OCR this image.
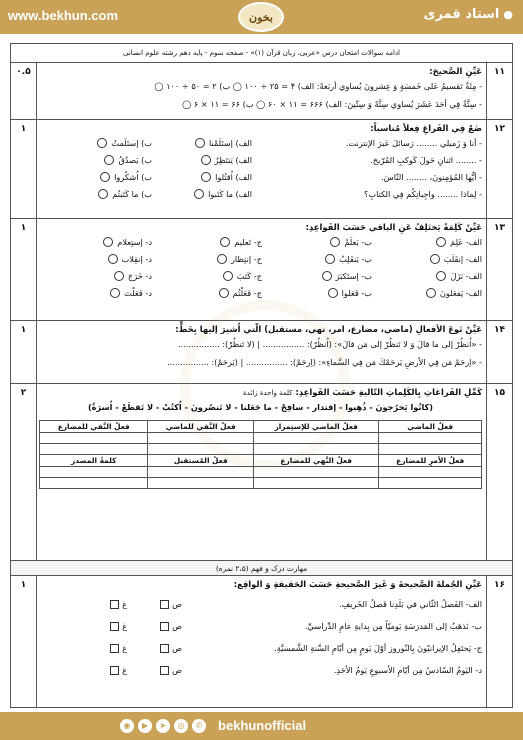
www.bekhun.com	بخون	●استاد قمری
ادامه سوالات امتحان درس «عربی، زبان قرآن (۱)» - صفحه سوم - پایه دهم رشته علوم انسانی
۱۱
۰.۵	عَيِّنِ الصَّحيحَ:
- مِئَةٌ تَقسيمُ عَلى خَمسَةٍ وَ عِشرونَ يُساوي أربَعةً: الف) ۴ = ۲۵ ÷ ۱۰۰ ◯ ب) ۲ = ۵۰ ÷ ۱۰۰ ◯
- سِتَّةٌ فِي أحَدَ عَشَرَ يُساوي سِتَّةً وَ سِتّينَ: الف) ۶۶۶ = ۱۱ × ۶۰ ◯ ب) ۶۶ = ۱۱ × ۶ ◯
۱۲
۱	ضَعْ فِي الفَراغِ فِعلاً مُناسباً:
- أنا وَ زَميلي ........ رَسائلَ عَبرَ الإنترنت.
الف) إستَلَمْنا
ب) إستَلَمتُ
- ........ اثنانِ حَولَ كَوكبِ المُرّيخ.
الف) يَنتَظِرُ
ب) يَصدُقُ
- أيُّها المُؤمِنونَ، ........ النّاسَ.
الف) اُقتُلوا
ب) اُشكُروا
- لِماذا ........ واجِباتِكُم فِي الكتابِ؟
الف) ما كَتَبوا
ب) ما كَتَبتُم
۱۳
۱	عَيِّنْ كَلِمَةً يَختَلِفُ عَنِ الباقي حَسَبَ القَواعِدِ:
الف- عَلِمَ
ب- يَعلَمُ
ج- تَعليم
د- إستِعلام
الف- إنقَلَبَ
ب- يَنقَلِبُ
ج- إنتِظار
د- إنقِلاب
الف- نَزَلَ
ب- إستَكبَرَ
ج- كَتَبَ
د- خَرَجَ
الف- يَفعَلونَ
ب- فَعَلوا
ج- فَعَلْتُم
د- فَعَلْتَ
۱۴
۱	عَيِّنْ نَوعَ الأفعالِ (ماضي، مضارع، امر، نهي، مستقبل) الّتي اُشيرَ إليها بِخَطٍّ:
- «اُنظُرْ إلى ما قالَ وَ لا تَنظُرْ إلى مَن قالَ»: (اُنظُرْ): ................ | (لا تَنظُرْ): ................
- «اِرحَمْ مَن فِي الأرضِ يَرحَمْكَ مَن فِي السَّماءِ»: (اِرحَمْ): ................ | (يَرحَمْ): ................
۱۵
۲	كَمِّلِ الفَراغاتِ بِالكَلِماتِ التّاليةِ حَسَبَ القَواعِدِ: كلمة واحدة زائدة
(كانُوا يَخرُجونَ - ذُهِبوا - إقتدار - سافِحْ - ما جَعَلنا - لا تَنصُرونَ - اُكتُبْ - لا تَقطَعْ - اُسرَةٌ)
فعلُ الماضي	فعلُ الماضي للإستِمرار	فعلُ النَّفي للماضي	فعلُ النَّفي للمضارع

فعلُ الأمرِ للمضارع	فعلُ النَّهي للمضارع	فعلُ المُستقبل	كلمةُ المصدر

مهارت درک و فهم (۲،۵ نمره)
۱۶
۱	عَيِّنِ الجُملةَ الصَّحيحةَ وَ غَيرَ الصَّحيحةِ حَسَبَ الحَقيقةِ وَ الواقِع:
الف- الفَصلُ الثّاني في بَلَدِنا فَصلُ الخَريفِ.
ص
غ
ب- نَذهَبُ إلى المَدرَسَةِ يَوميّاً مِن بِدايةِ عامِ الدِّراسيِّ.
ص
غ
ج- يَحتَفِلُ الإيرانيّونَ بِالنّوروز أوّلَ يَومٍ مِن أيّامِ السَّنةِ الشَّمسيَّةِ.
ص
غ
د- اليَومُ السّادسُ مِن أيّامِ الأسبوعِ يَومُ الأحَدِ.
ص
غ
◉	▶	➤	◎	✆ bekhunofficial
